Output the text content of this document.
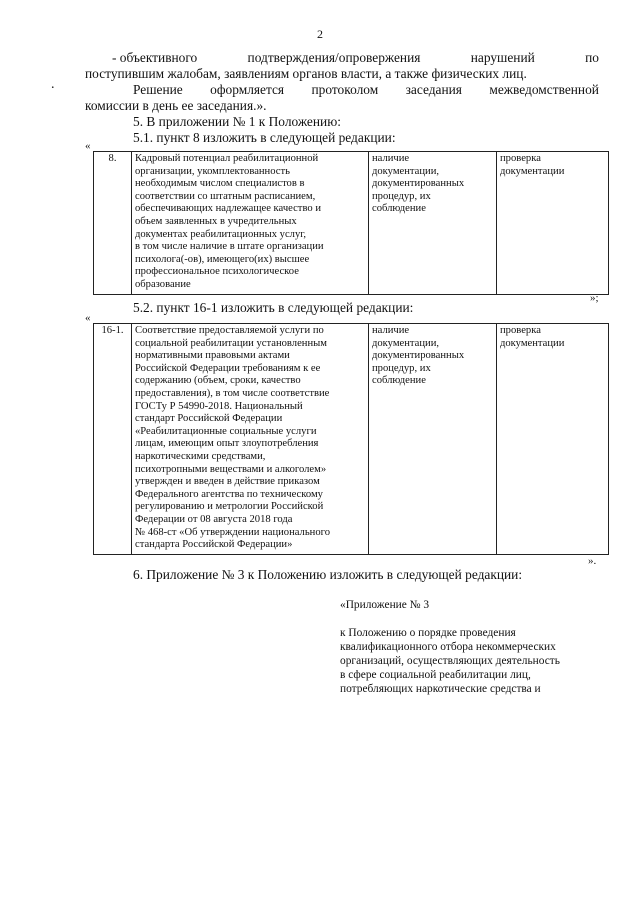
2
.
- объективного	подтверждения/опровержения	нарушений	по
поступившим жалобам, заявлениям органов власти, а также физических лиц.
Решение оформляется протоколом заседания межведомственной
комиссии в день ее заседания.».
5. В приложении № 1 к Положению:
5.1. пункт 8 изложить в следующей редакции:
«
8.	Кадровый потенциал реабилитационной
организации, укомплектованность
необходимым числом специалистов в
соответствии со штатным расписанием,
обеспечивающих надлежащее качество и
объем заявленных в учредительных
документах реабилитационных услуг,
в том числе наличие в штате организации
психолога(-ов), имеющего(их) высшее
профессиональное психологическое
образование

наличие
документации,
документированных
процедур, их
соблюдение

проверка
документации
»;
5.2. пункт 16-1 изложить в следующей редакции:
«
16-1.	Соответствие предоставляемой услуги по
социальной реабилитации установленным
нормативными правовыми актами
Российской Федерации требованиям к ее
содержанию (объем, сроки, качество
предоставления), в том числе соответствие
ГОСТу Р 54990-2018. Национальный
стандарт Российской Федерации
«Реабилитационные социальные услуги
лицам, имеющим опыт злоупотребления
наркотическими средствами,
психотропными веществами и алкоголем»
утвержден и введен в действие приказом
Федерального агентства по техническому
регулированию и метрологии Российской
Федерации от 08 августа 2018 года
№ 468-ст «Об утверждении национального
стандарта Российской Федерации»

наличие
документации,
документированных
процедур, их
соблюдение

проверка
документации
».
6. Приложение № 3 к Положению изложить в следующей редакции:
«Приложение № 3
к Положению о порядке проведения
квалификационного отбора некоммерческих
организаций, осуществляющих деятельность
в сфере социальной реабилитации лиц,
потребляющих наркотические средства и
